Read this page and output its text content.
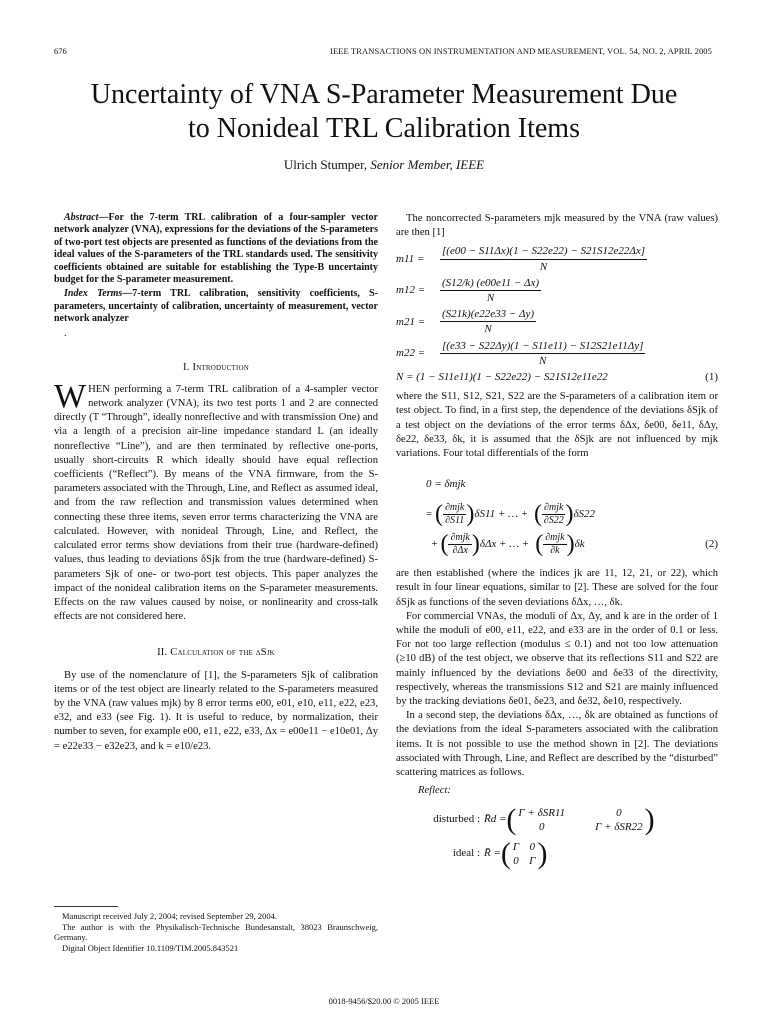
676	IEEE TRANSACTIONS ON INSTRUMENTATION AND MEASUREMENT, VOL. 54, NO. 2, APRIL 2005
Uncertainty of VNA S-Parameter Measurement Due
to Nonideal TRL Calibration Items
Ulrich Stumper, Senior Member, IEEE

Abstract—For the 7-term TRL calibration of a four-sampler vector network analyzer (VNA), expressions for the deviations of the S-parameters of two-port test objects are presented as functions of the deviations from the ideal values of the S-parameters of the TRL standards used. The sensitivity coefficients obtained are suitable for establishing the Type-B uncertainty budget for the S-parameter measurement.

Index Terms—7-term TRL calibration, sensitivity coefficients, S-parameters, uncertainty of calibration, uncertainty of measurement, vector network analyzer

.
I. Introduction

WHEN performing a 7-term TRL calibration of a 4-sampler vector network analyzer (VNA), its two test ports 1 and 2 are connected directly (T “Through”, ideally nonreflective and with transmission One) and via a length of a precision air-line impedance standard L (an ideally nonreflective “Line”), and are then terminated by reflective one-ports, usually short-circuits R which ideally should have equal reflection coefficients (“Reflect”). By means of the VNA firmware, from the S-parameters associated with the Through, Line, and Reflect as assumed ideal, and from the raw reflection and transmission values determined when connecting these three items, seven error terms characterizing the VNA are calculated. However, with nonideal Through, Line, and Reflect, the calculated error terms show deviations from their true (hardware-defined) values, thus leading to deviations δSjk from the true (hardware-defined) S-parameters Sjk of one- or two-port test objects. This paper analyzes the impact of the nonideal calibration items on the S-parameter measurements. Effects on the raw values caused by noise, or nonlinearity and cross-talk effects are not considered here.

II. Calculation of the δSjk

By use of the nomenclature of [1], the S-parameters Sjk of calibration items or of the test object are linearly related to the S-parameters measured by the VNA (raw values mjk) by 8 error terms e00, e01, e10, e11, e22, e23, e32, and e33 (see Fig. 1). It is useful to reduce, by normalization, their number to seven, for example e00, e11, e22, e33, Δx = e00e11 − e10e01, Δy = e22e33 − e32e23, and k = e10/e23.

Manuscript received July 2, 2004; revised September 29, 2004.

The author is with the Physikalisch-Technische Bundesanstalt, 38023 Braunschweig, Germany.

Digital Object Identifier 10.1109/TIM.2005.843521

The noncorrected S-parameters mjk measured by the VNA (raw values) are then [1]

m11 =	$\frac{[(e00 - S11\Delta x)(1 - S22e22) - S21S12e22\Delta x]}{N}$
m12 =	$\frac{(S12/k) (e00e11 - \Delta x)}{N}$
m21 =	$\frac{(S21k)(e22e33 - \Delta y)}{N}$
m22 =	$\frac{[(e33 - S22\Delta y)(1 - S11e11) - S12S21e11\Delta y]}{N}$
N = (1 − S11e11)(1 − S22e22) − S21S12e11e22	(1)

where the S11, S12, S21, S22 are the S-parameters of a calibration item or test object. To find, in a first step, the dependence of the deviations δSjk of a test object on the deviations of the error terms δΔx, δe00, δe11, δΔy, δe22, δe33, δk, it is assumed that the δSjk are not influenced by mjk variations. Four total differentials of the form

0 = δmjk
= ( $\frac{\text{∂mjk}}{\partial S11}$ ) δS11 + … + ( $\frac{\text{∂mjk}}{\partial S22}$ ) δS22
+ ( $\frac{\text{∂mjk}}{\partial\Delta x}$ ) δΔx + … + ( $\frac{\text{∂mjk}}{\partial k}$ ) δk	(2)

are then established (where the indices jk are 11, 12, 21, or 22), which result in four linear equations, similar to [2]. These are solved for the four δSjk as functions of the seven deviations δΔx, …, δk.

For commercial VNAs, the moduli of Δx, Δy, and k are in the order of 1 while the moduli of e00, e11, e22, and e33 are in the order of 0.1 or less. For not too large reflection (modulus ≤ 0.1) and not too low attenuation (≥10 dB) of the test object, we observe that its reflections S11 and S22 are mainly influenced by the deviations δe00 and δe33 of the directivity, respectively, whereas the transmissions S12 and S21 are mainly influenced by the tracking deviations δe01, δe23, and δe32, δe10, respectively.

In a second step, the deviations δΔx, …, δk are obtained as functions of the deviations from the ideal S-parameters associated with the calibration items. It is not possible to use the method shown in [2]. The deviations associated with Through, Line, and Reflect are described by the “disturbed” scattering matrices as follows.

Reflect:
disturbed : R̄d = ( Γ + δSR11	0
0	Γ + δSR22 )
ideal : R̄ = ( Γ 0
0 Γ )
0018-9456/$20.00 © 2005 IEEE
